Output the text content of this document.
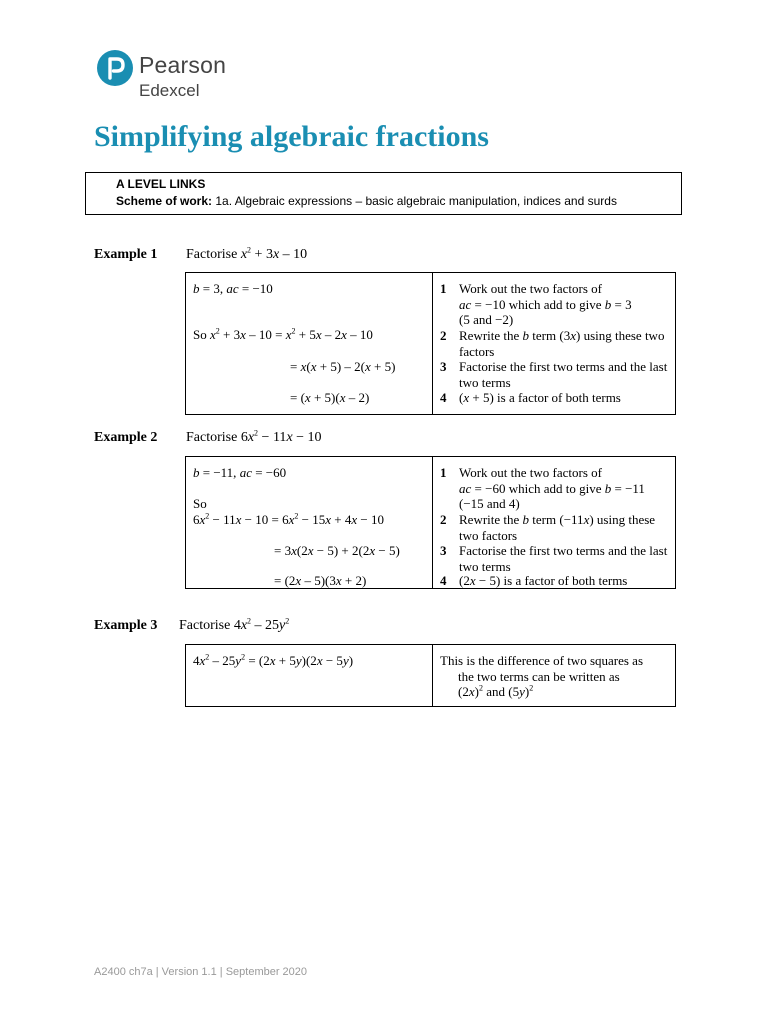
Pearson
Edexcel
Simplifying algebraic fractions
A LEVEL LINKS
Scheme of work: 1a. Algebraic expressions – basic algebraic manipulation, indices and surds
Example 1 Factorise $x^2 + 3x - 10$
b = 3, ac = −10
So $x^2 + 3x - 10 = x^2 + 5x - 2x - 10$
= x(x + 5) – 2(x + 5)
= (x + 5)(x – 2)
1 Work out the two factors of
ac = −10 which add to give b = 3
(5 and −2)
2 Rewrite the b term (3x) using these two factors
3 Factorise the first two terms and the last two terms
4 (x + 5) is a factor of both terms
Example 2 Factorise $6x^2 - 11x - 10$
b = −11, ac = −60
So
$6x^2 - 11x - 10 = 6x^2 - 15x + 4x - 10$
= 3x(2x − 5) + 2(2x − 5)
= (2x – 5)(3x + 2)
1 Work out the two factors of
ac = −60 which add to give b = −11
(−15 and 4)
2 Rewrite the b term (−11x) using these two factors
3 Factorise the first two terms and the last two terms
4 (2x − 5) is a factor of both terms
Example 3 Factorise $4x^2 - 25y^2$
$4x^2 - 25y^2 = (2x + 5y)(2x - 5y)$	This is the difference of two squares as
the two terms can be written as
$(2x)^2$ and $(5y)^2$
A2400 ch7a | Version 1.1 | September 2020
